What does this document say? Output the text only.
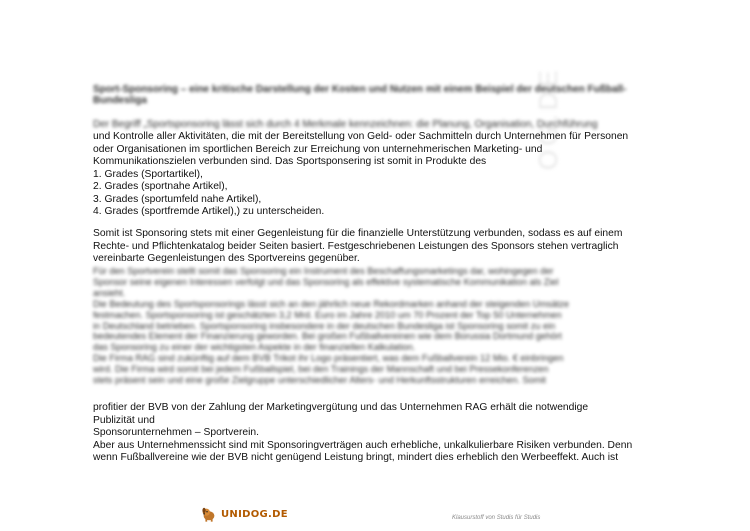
OG.DE
Sport-Sponsoring – eine kritische Darstellung der Kosten und Nutzen mit einem Beispiel der deutschen Fußball-Bundesliga
Der Begriff „Sportsponsoring lässt sich durch 4 Merkmale kennzeichnen: die Planung, Organisation, Durchführung
und Kontrolle aller Aktivitäten, die mit der Bereitstellung von Geld- oder Sachmitteln durch Unternehmen für Personen
oder Organisationen im sportlichen Bereich zur Erreichung von unternehmerischen Marketing- und
Kommunikationszielen verbunden sind. Das Sportsponsering ist somit in Produkte des
1. Grades (Sportartikel),
2. Grades (sportnahe Artikel),
3. Grades (sportumfeld nahe Artikel),
4. Grades (sportfremde Artikel),) zu unterscheiden.
Somit ist Sponsoring stets mit einer Gegenleistung für die finanzielle Unterstützung verbunden, sodass es auf einem
Rechte- und Pflichtenkatalog beider Seiten basiert. Festgeschriebenen Leistungen des Sponsors stehen vertraglich
vereinbarte Gegenleistungen des Sportvereins gegenüber.
Für den Sportverein stellt somit das Sponsoring ein Instrument des Beschaffungsmarketings dar, wohingegen der
Sponsor seine eigenen Interessen verfolgt und das Sponsoring als effektive systematische Kommunikation als Ziel
ansieht.
Die Bedeutung des Sportsponsorings lässt sich an den jährlich neue Rekordmarken anhand der steigenden Umsätze
festmachen. Sportsponsoring ist geschätzten 3,2 Mrd. Euro im Jahre 2010 um 70 Prozent der Top 50 Unternehmen
in Deutschland betrieben. Sportsponsoring insbesondere in der deutschen Bundesliga ist Sponsoring somit zu ein
bedeutendes Element der Finanzierung geworden. Bei großen Fußballvereinen wie dem Borussia Dortmund gehört
das Sponsoring zu einer der wichtigsten Aspekte in der finanziellen Kalkulation.
Die Firma RAG sind zukünftig auf dem BVB Trikot ihr Logo präsentiert, was dem Fußballverein 12 Mio. € einbringen
wird. Die Firma wird somit bei jedem Fußballspiel, bei den Trainings der Mannschaft und bei Pressekonferenzen
stets präsent sein und eine große Zielgruppe unterschiedlicher Alters- und Herkunftsstrukturen erreichen. Somit
profitier der BVB von der Zahlung der Marketingvergütung und das Unternehmen RAG erhält die notwendige
Publizität und
Sponsorunternehmen – Sportverein.
Aber aus Unternehmenssicht sind mit Sponsoringverträgen auch erhebliche, unkalkulierbare Risiken verbunden. Denn
wenn Fußballvereine wie der BVB nicht genügend Leistung bringt, mindert dies erheblich den Werbeeffekt. Auch ist
UNIDOG.DE	Klausurstoff von Studis für Studis
